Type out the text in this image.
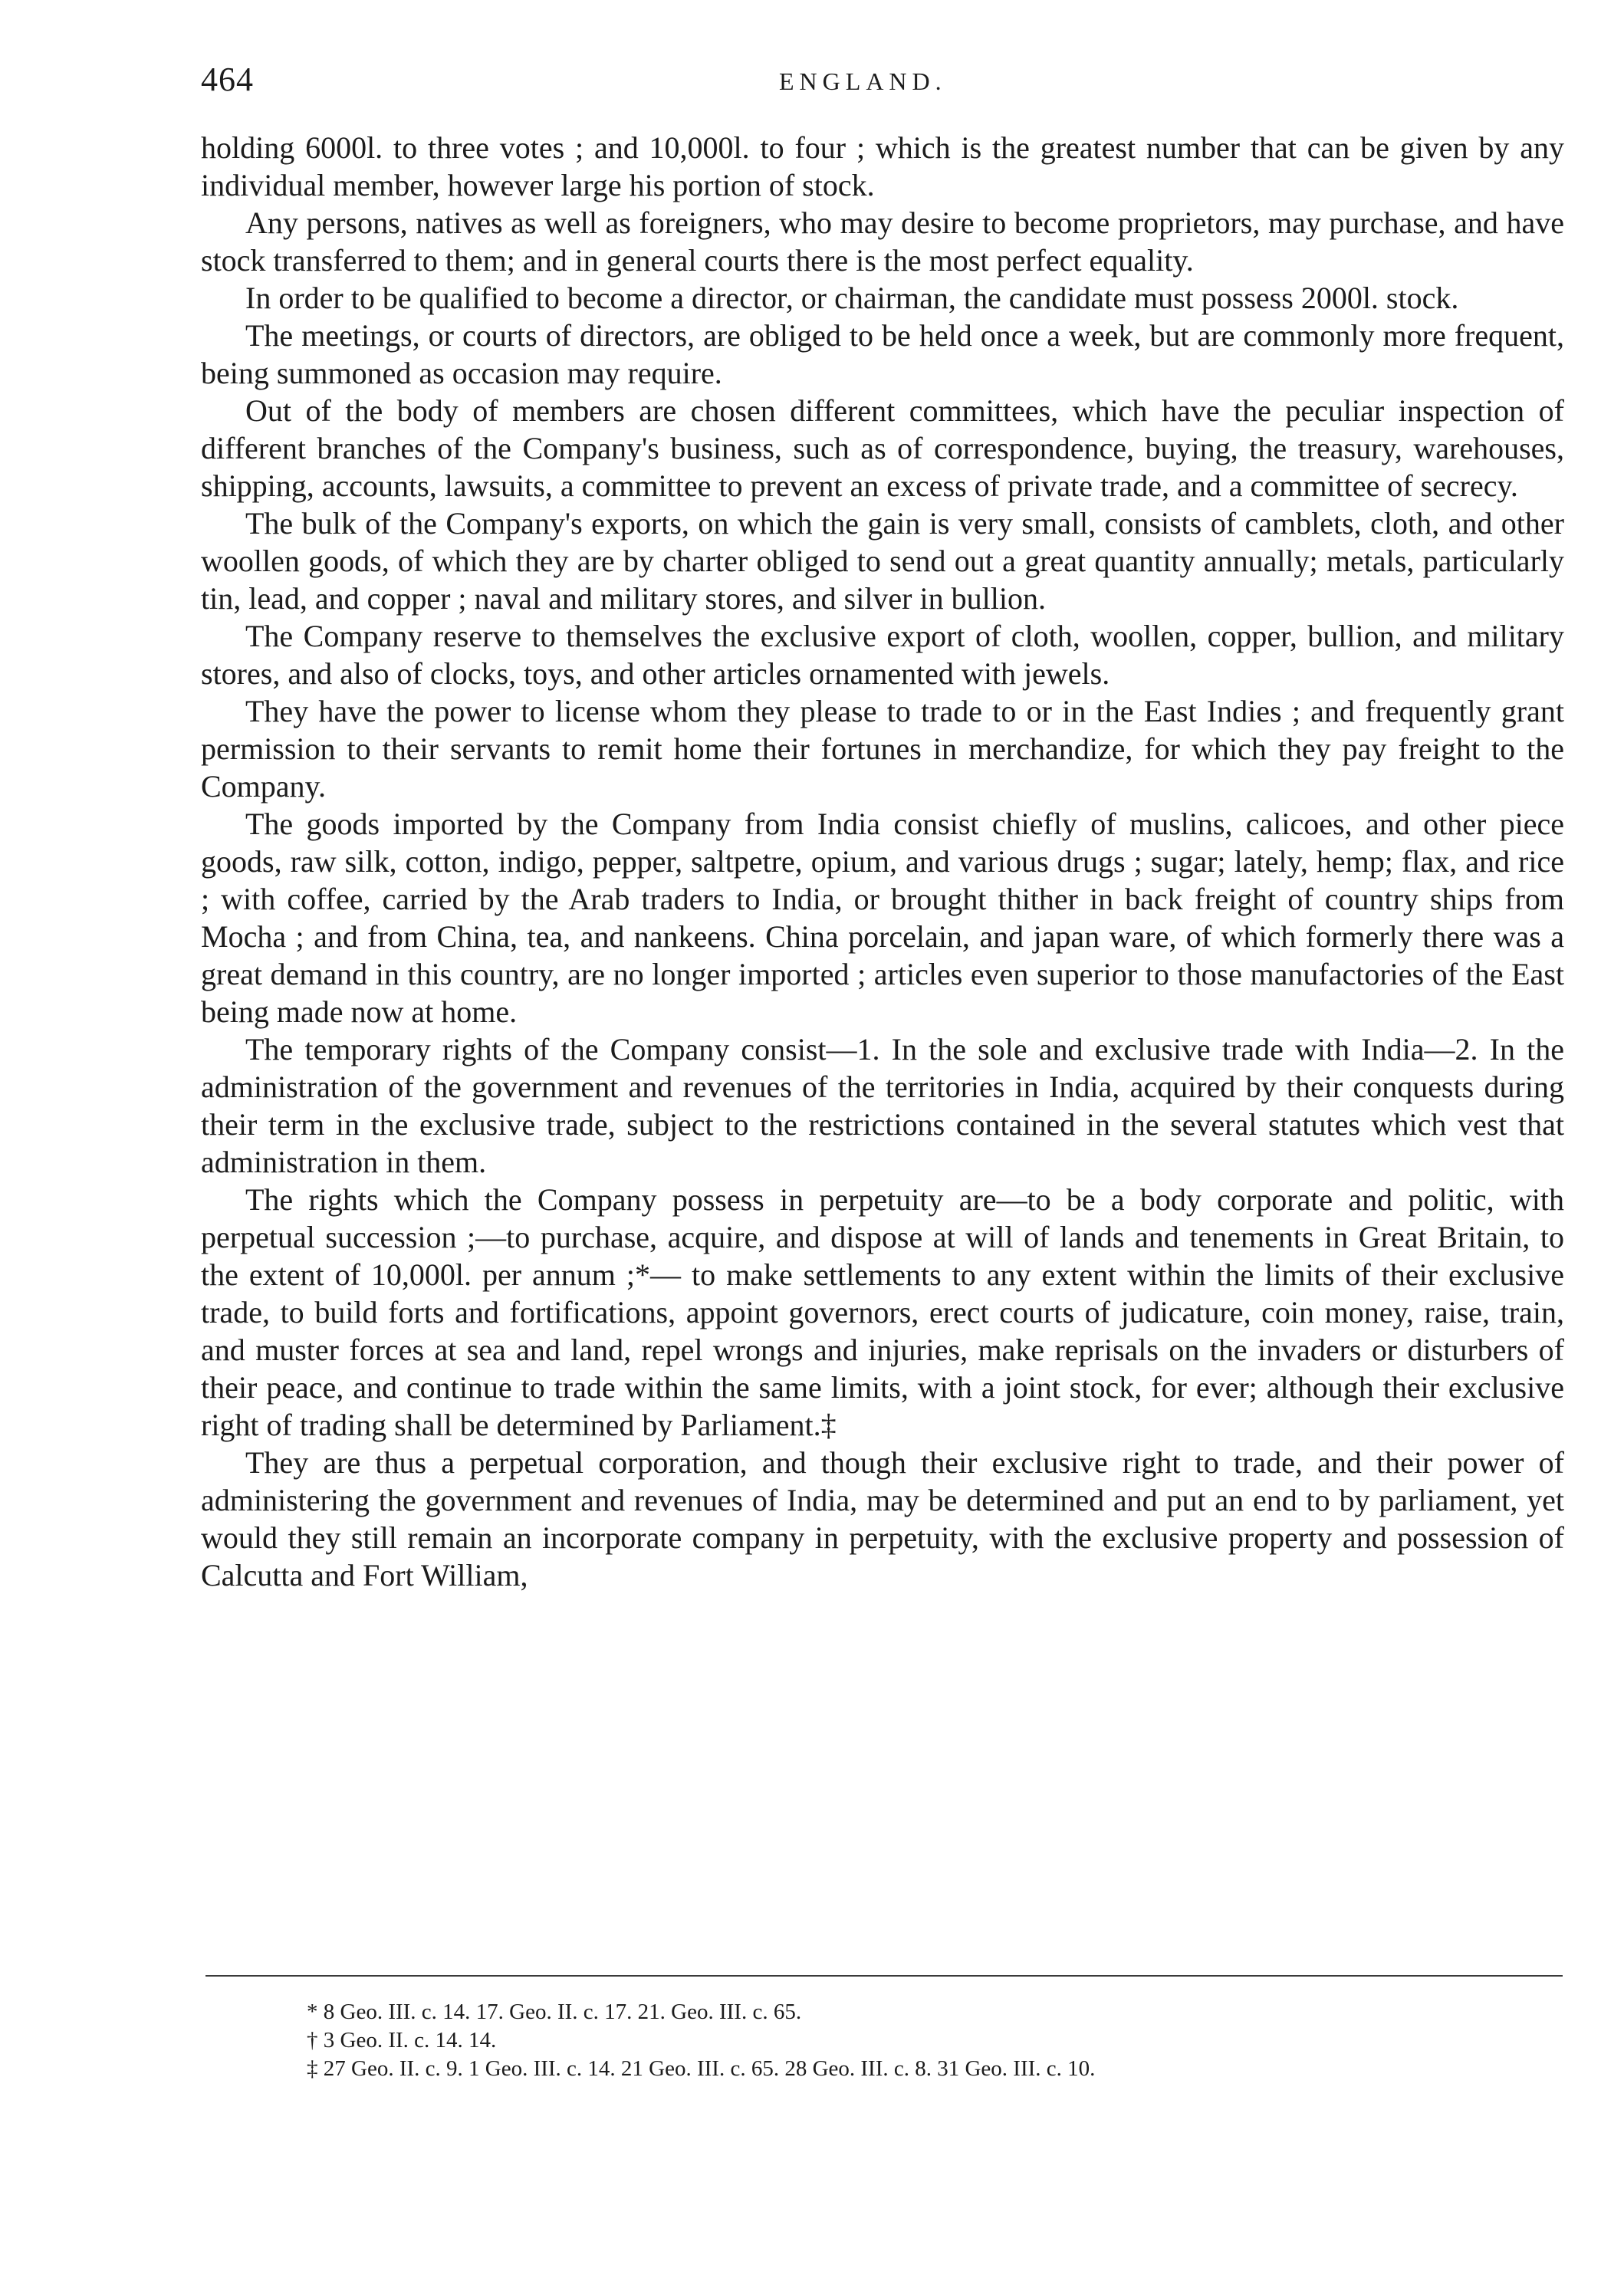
464	ENGLAND.

holding 6000l. to three votes ; and 10,000l. to four ; which is the greatest number that can be given by any individual member, however large his portion of stock.

Any persons, natives as well as foreigners, who may desire to become proprietors, may purchase, and have stock transferred to them; and in general courts there is the most perfect equality.

In order to be qualified to become a director, or chairman, the candidate must possess 2000l. stock.

The meetings, or courts of directors, are obliged to be held once a week, but are commonly more frequent, being summoned as occasion may require.

Out of the body of members are chosen different committees, which have the peculiar inspection of different branches of the Company's business, such as of correspondence, buying, the treasury, warehouses, shipping, accounts, lawsuits, a committee to prevent an excess of private trade, and a committee of secrecy.

The bulk of the Company's exports, on which the gain is very small, consists of camblets, cloth, and other woollen goods, of which they are by charter obliged to send out a great quantity annually; metals, particularly tin, lead, and copper ; naval and military stores, and silver in bullion.

The Company reserve to themselves the exclusive export of cloth, woollen, copper, bullion, and military stores, and also of clocks, toys, and other articles ornamented with jewels.

They have the power to license whom they please to trade to or in the East Indies ; and frequently grant permission to their servants to remit home their fortunes in merchandize, for which they pay freight to the Company.

The goods imported by the Company from India consist chiefly of muslins, calicoes, and other piece goods, raw silk, cotton, indigo, pepper, saltpetre, opium, and various drugs ; sugar; lately, hemp; flax, and rice ; with coffee, carried by the Arab traders to India, or brought thither in back freight of country ships from Mocha ; and from China, tea, and nankeens. China porcelain, and japan ware, of which formerly there was a great demand in this country, are no longer imported ; articles even superior to those manufactories of the East being made now at home.

The temporary rights of the Company consist—1. In the sole and exclusive trade with India—2. In the administration of the government and revenues of the territories in India, acquired by their conquests during their term in the exclusive trade, subject to the restrictions contained in the several statutes which vest that administration in them.

The rights which the Company possess in perpetuity are—to be a body corporate and politic, with perpetual succession ;—to purchase, acquire, and dispose at will of lands and tenements in Great Britain, to the extent of 10,000l. per annum ;*— to make settlements to any extent within the limits of their exclusive trade, to build forts and fortifications, appoint governors, erect courts of judicature, coin money, raise, train, and muster forces at sea and land, repel wrongs and injuries, make reprisals on the invaders or disturbers of their peace, and continue to trade within the same limits, with a joint stock, for ever; although their exclusive right of trading shall be determined by Parliament.‡

They are thus a perpetual corporation, and though their exclusive right to trade, and their power of administering the government and revenues of India, may be determined and put an end to by parliament, yet would they still remain an incorporate company in perpetuity, with the exclusive property and possession of Calcutta and Fort William,

* 8 Geo. III. c. 14. 17. Geo. II. c. 17. 21. Geo. III. c. 65.

† 3 Geo. II. c. 14. 14.

‡ 27 Geo. II. c. 9. 1 Geo. III. c. 14. 21 Geo. III. c. 65. 28 Geo. III. c. 8. 31 Geo. III. c. 10.
